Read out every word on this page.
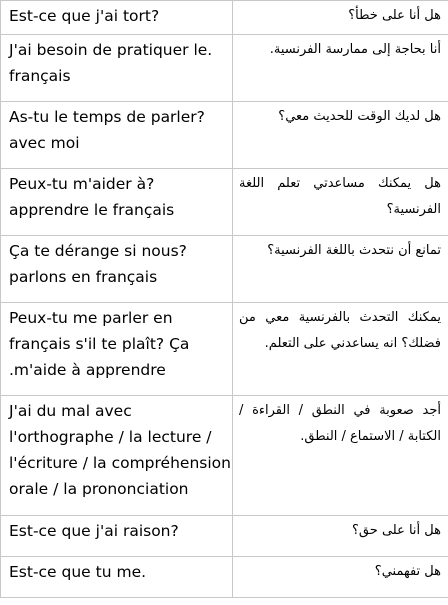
Est-ce que j'ai tort?	هل أنا على خطأ؟

J'ai besoin de pratiquer le.
français	أنا بحاجة إلى ممارسة الفرنسية.

As-tu le temps de parler?
avec moi	هل لديك الوقت للحديث معي؟

Peux-tu m'aider à?
apprendre le français	هل يمكنك مساعدتي تعلم اللغة الفرنسية؟

Ça te dérange si nous?
parlons en français	تمانع أن نتحدث باللغة الفرنسية؟

Peux-tu me parler en
français s'il te plaît? Ça
.m'aide à apprendre	يمكنك التحدث بالفرنسية معي من فضلك؟ انه يساعدني على التعلم.

J'ai du mal avec
l'orthographe / la lecture /
l'écriture / la compréhension
orale / la prononciation	أجد صعوبة في النطق / القراءة / الكتابة / الاستماع / النطق.

Est-ce que j'ai raison?	هل أنا على حق؟

Est-ce que tu me.	هل تفهمني؟
